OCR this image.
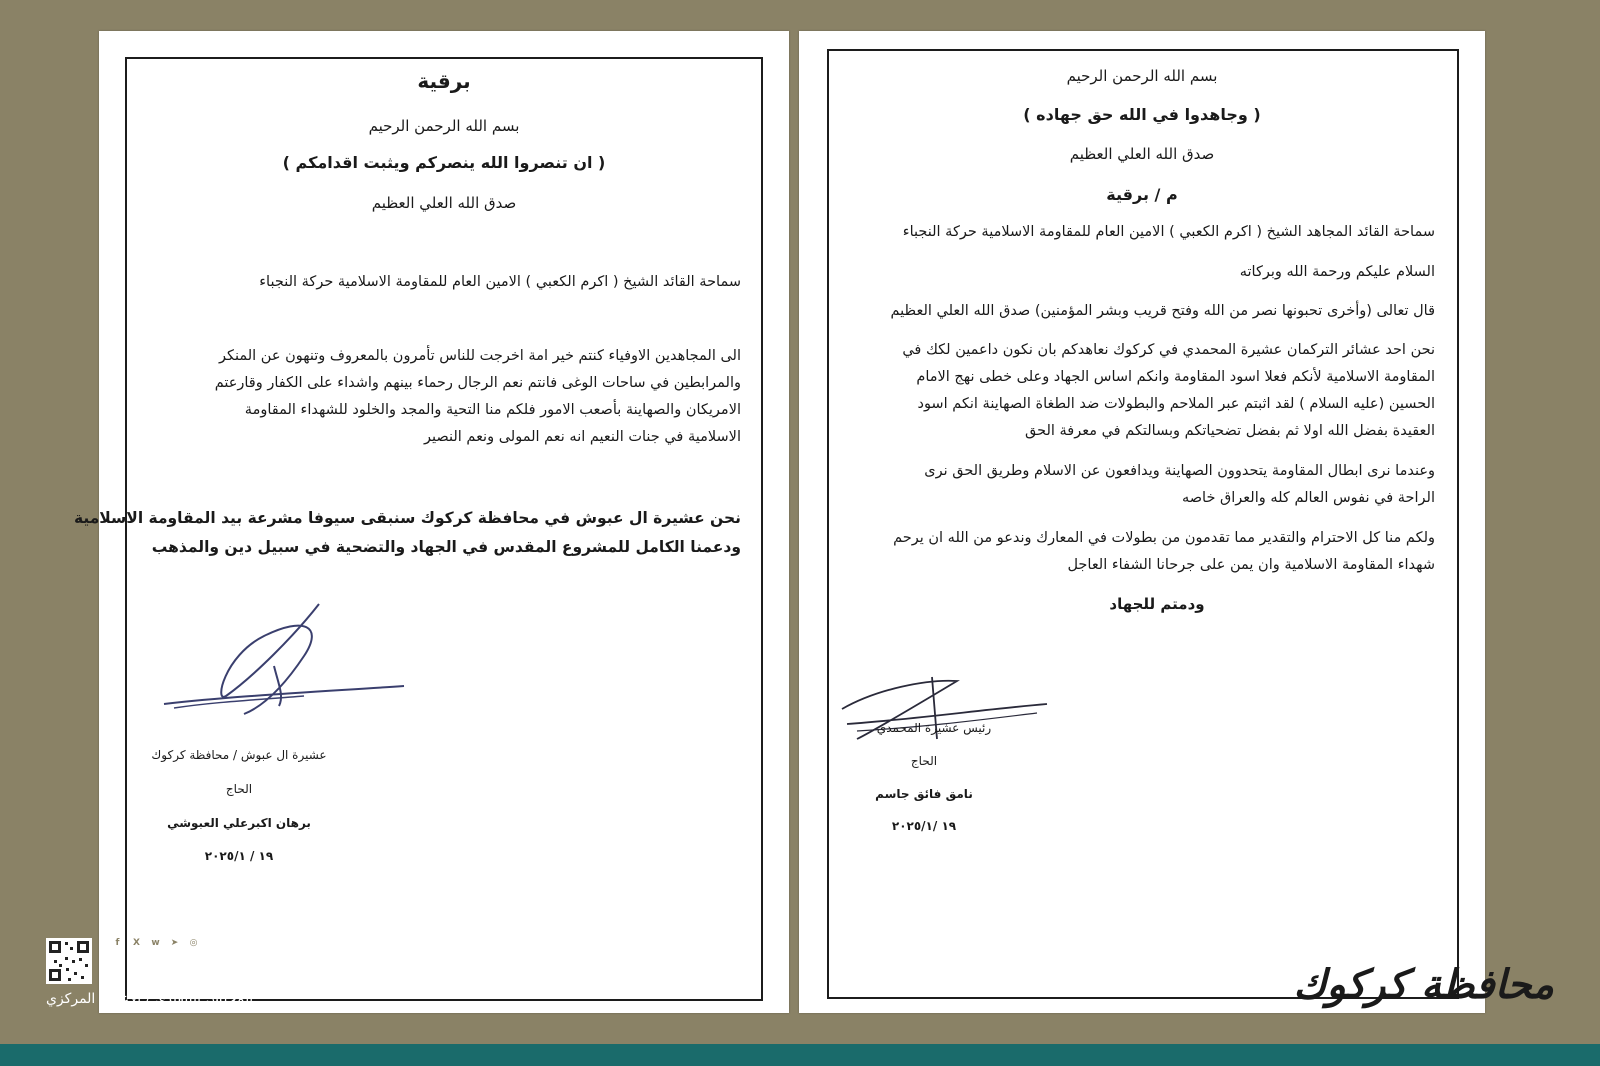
برقية
بسم الله الرحمن الرحيم
( ان تنصروا الله ينصركم ويثبت اقدامكم )
صدق الله العلي العظيم
سماحة القائد الشيخ ( اكرم الكعبي ) الامين العام للمقاومة الاسلامية حركة النجباء
الى المجاهدين الاوفياء كنتم خير امة اخرجت للناس تأمرون بالمعروف وتنهون عن المنكر
والمرابطين في ساحات الوغى فانتم نعم الرجال رحماء بينهم واشداء على الكفار وقارعتم
الامريكان والصهاينة بأصعب الامور فلكم منا التحية والمجد والخلود للشهداء المقاومة
الاسلامية في جنات النعيم انه نعم المولى ونعم النصير
نحن عشيرة ال عبوش في محافظة كركوك سنبقى سيوفا مشرعة بيد المقاومة الاسلامية
ودعمنا الكامل للمشروع المقدس في الجهاد والتضحية في سبيل دين والمذهب
عشيرة ال عبوش / محافظة كركوك
الحاج
برهان اكبرعلي العبوشي
١٩ / ٢٠٢٥/١
بسم الله الرحمن الرحيم
( وجاهدوا في الله حق جهاده )
صدق الله العلي العظيم
م / برقية
سماحة القائد المجاهد الشيخ ( اكرم الكعبي ) الامين العام للمقاومة الاسلامية حركة النجباء
السلام عليكم ورحمة الله وبركاته
قال تعالى (وأخرى تحبونها نصر من الله وفتح قريب وبشر المؤمنين) صدق الله العلي العظيم
نحن احد عشائر التركمان عشيرة المحمدي في كركوك نعاهدكم بان نكون داعمين لكك في
المقاومة الاسلامية لأنكم فعلا اسود المقاومة وانكم اساس الجهاد وعلى خطى نهج الامام
الحسين (عليه السلام ) لقد اثبتم عبر الملاحم والبطولات ضد الطغاة الصهاينة انكم اسود
العقيدة بفضل الله اولا ثم بفضل تضحياتكم وبسالتكم في معرفة الحق
وعندما نرى ابطال المقاومة يتحدوون الصهاينة ويدافعون عن الاسلام وطريق الحق نرى
الراحة في نفوس العالم كله والعراق خاصه
ولكم منا كل الاحترام والتقدير مما تقدمون من بطولات في المعارك وندعو من الله ان يرحم
شهداء المقاومة الاسلامية وان يمن على جرحانا الشفاء العاجل
ودمتم للجهاد
رئيس عشيرة المحمدي
الحاج
نامق فائق جاسم
١٩ /٢٠٢٥/١
f	X	w	➤	◎ @TANFITHY
www.tanfithy.com
المجلس التنفيذي / الاعـلام المركزي	محافظة كركوك
